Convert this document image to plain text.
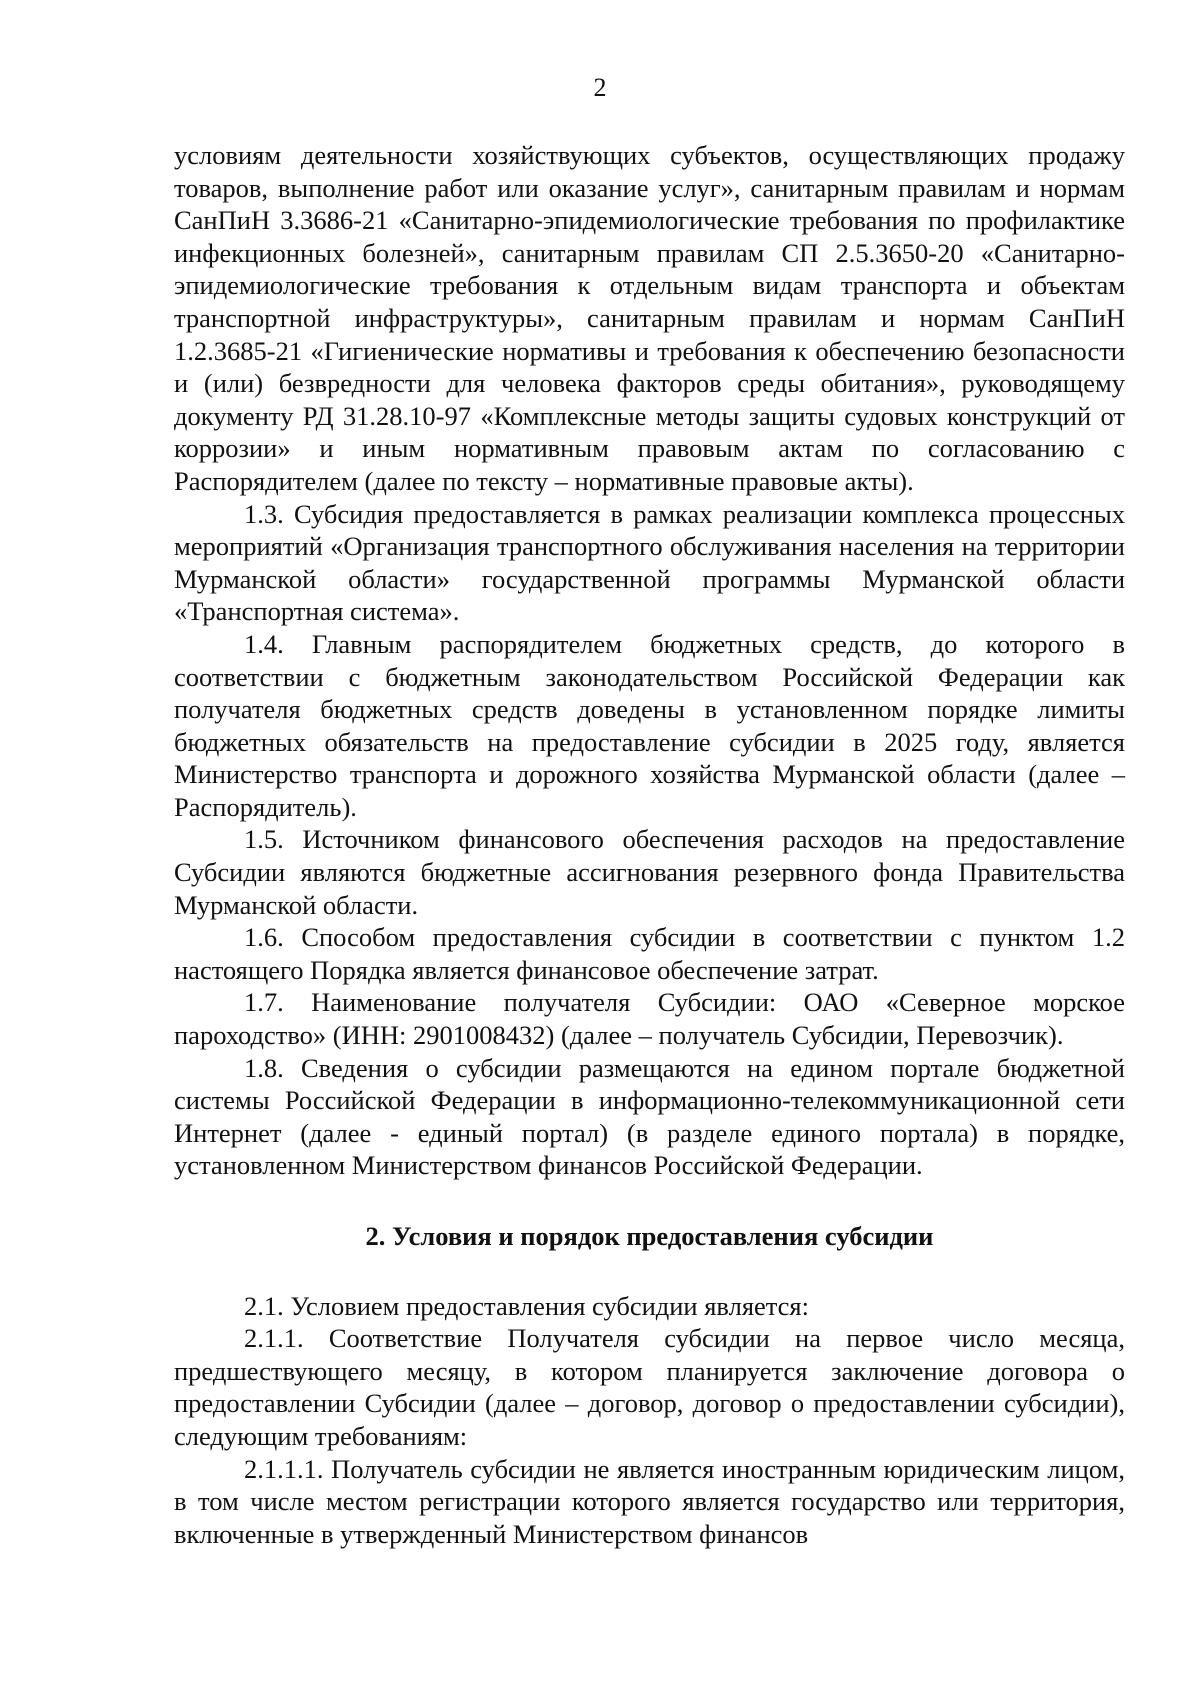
2

условиям деятельности хозяйствующих субъектов, осуществляющих продажу товаров, выполнение работ или оказание услуг», санитарным правилам и нормам СанПиН 3.3686-21 «Санитарно-эпидемиологические требования по профилактике инфекционных болезней», санитарным правилам СП 2.5.3650-20 «Санитарно-эпидемиологические требования к отдельным видам транспорта и объектам транспортной инфраструктуры», санитарным правилам и нормам СанПиН 1.2.3685-21 «Гигиенические нормативы и требования к обеспечению безопасности и (или) безвредности для человека факторов среды обитания», руководящему документу РД 31.28.10-97 «Комплексные методы защиты судовых конструкций от коррозии» и иным нормативным правовым актам по согласованию с Распорядителем (далее по тексту – нормативные правовые акты).

1.3. Субсидия предоставляется в рамках реализации комплекса процессных мероприятий «Организация транспортного обслуживания населения на территории Мурманской области» государственной программы Мурманской области «Транспортная система».

1.4. Главным распорядителем бюджетных средств, до которого в соответствии с бюджетным законодательством Российской Федерации как получателя бюджетных средств доведены в установленном порядке лимиты бюджетных обязательств на предоставление субсидии в 2025 году, является Министерство транспорта и дорожного хозяйства Мурманской области (далее – Распорядитель).

1.5. Источником финансового обеспечения расходов на предоставление Субсидии являются бюджетные ассигнования резервного фонда Правительства Мурманской области.

1.6. Способом предоставления субсидии в соответствии с пунктом 1.2 настоящего Порядка является финансовое обеспечение затрат.

1.7. Наименование получателя Субсидии: ОАО «Северное морское пароходство» (ИНН: 2901008432) (далее – получатель Субсидии, Перевозчик).

1.8. Сведения о субсидии размещаются на едином портале бюджетной системы Российской Федерации в информационно-телекоммуникационной сети Интернет (далее - единый портал) (в разделе единого портала) в порядке, установленном Министерством финансов Российской Федерации.

2. Условия и порядок предоставления субсидии

2.1. Условием предоставления субсидии является:

2.1.1. Соответствие Получателя субсидии на первое число месяца, предшествующего месяцу, в котором планируется заключение договора о предоставлении Субсидии (далее – договор, договор о предоставлении субсидии), следующим требованиям:

2.1.1.1. Получатель субсидии не является иностранным юридическим лицом, в том числе местом регистрации которого является государство или территория, включенные в утвержденный Министерством финансов
